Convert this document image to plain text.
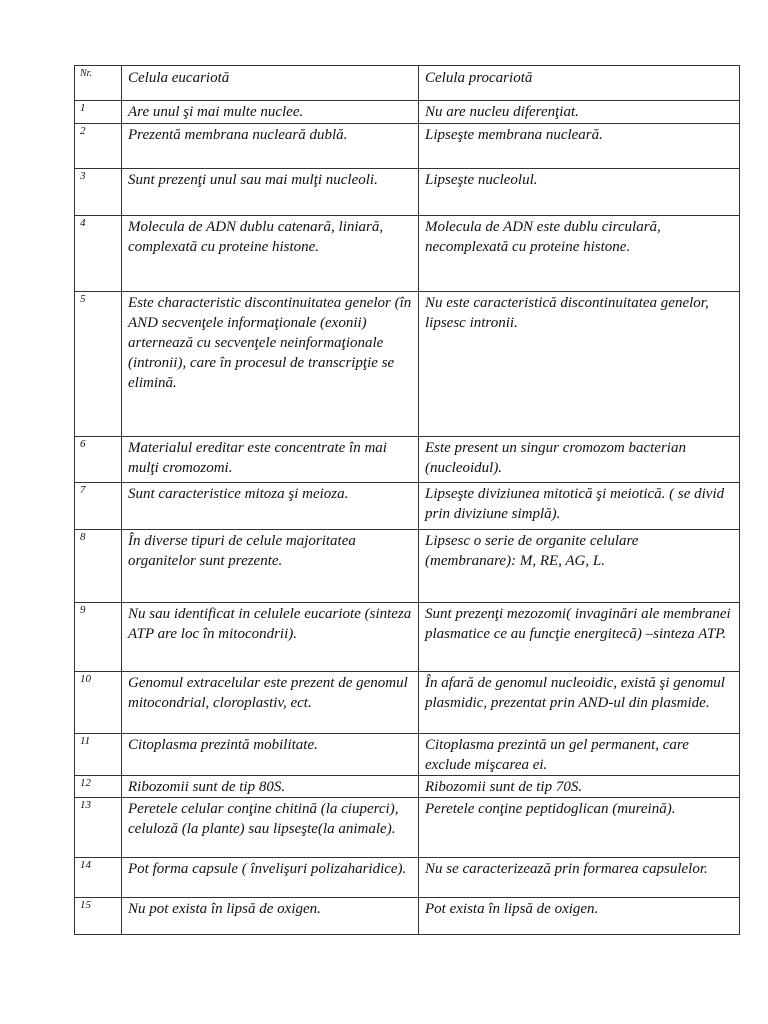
Nr.	Celula eucariotă	Celula procariotă
1	Are unul şi mai multe nuclee.	Nu are nucleu diferenţiat.
2	Prezentă membrana nucleară dublă.	Lipseşte membrana nucleară.
3	Sunt prezenţi unul sau mai mulţi nucleoli.	Lipseşte nucleolul.
4	Molecula de ADN dublu catenară, liniară, complexată cu proteine histone.	Molecula de ADN este dublu circulară, necomplexată cu proteine histone.
5	Este characteristic discontinuitatea genelor (în AND secvenţele informaţionale (exonii) arternează cu secvenţele neinformaţionale (intronii), care în procesul de transcripţie se elimină.	Nu este caracteristică discontinuitatea genelor, lipsesc intronii.
6	Materialul ereditar este concentrate în mai mulţi cromozomi.	Este present un singur cromozom bacterian (nucleoidul).
7	Sunt caracteristice mitoza şi meioza.	Lipseşte diviziunea mitotică şi meiotică. ( se divid prin diviziune simplă).
8	În diverse tipuri de celule majoritatea organitelor sunt prezente.	Lipsesc o serie de organite celulare (membranare): M, RE, AG, L.
9	Nu sau identificat in celulele eucariote (sinteza ATP are loc în mitocondrii).	Sunt prezenţi mezozomi( invaginări ale membranei plasmatice ce au funcţie energitecă) –sinteza ATP.
10	Genomul extracelular este prezent de genomul mitocondrial, cloroplastiv, ect.	În afară de genomul nucleoidic, există şi genomul plasmidic, prezentat prin AND-ul din plasmide.
11	Citoplasma prezintă mobilitate.	Citoplasma prezintă un gel permanent, care exclude mişcarea ei.
12	Ribozomii sunt de tip 80S.	Ribozomii sunt de tip 70S.
13	Peretele celular conţine chitină (la ciuperci), celuloză (la plante) sau lipseşte(la animale).	Peretele conţine peptidoglican (mureină).
14	Pot forma capsule ( învelişuri polizaharidice).	Nu se caracterizează prin formarea capsulelor.
15	Nu pot exista în lipsă de oxigen.	Pot exista în lipsă de oxigen.
